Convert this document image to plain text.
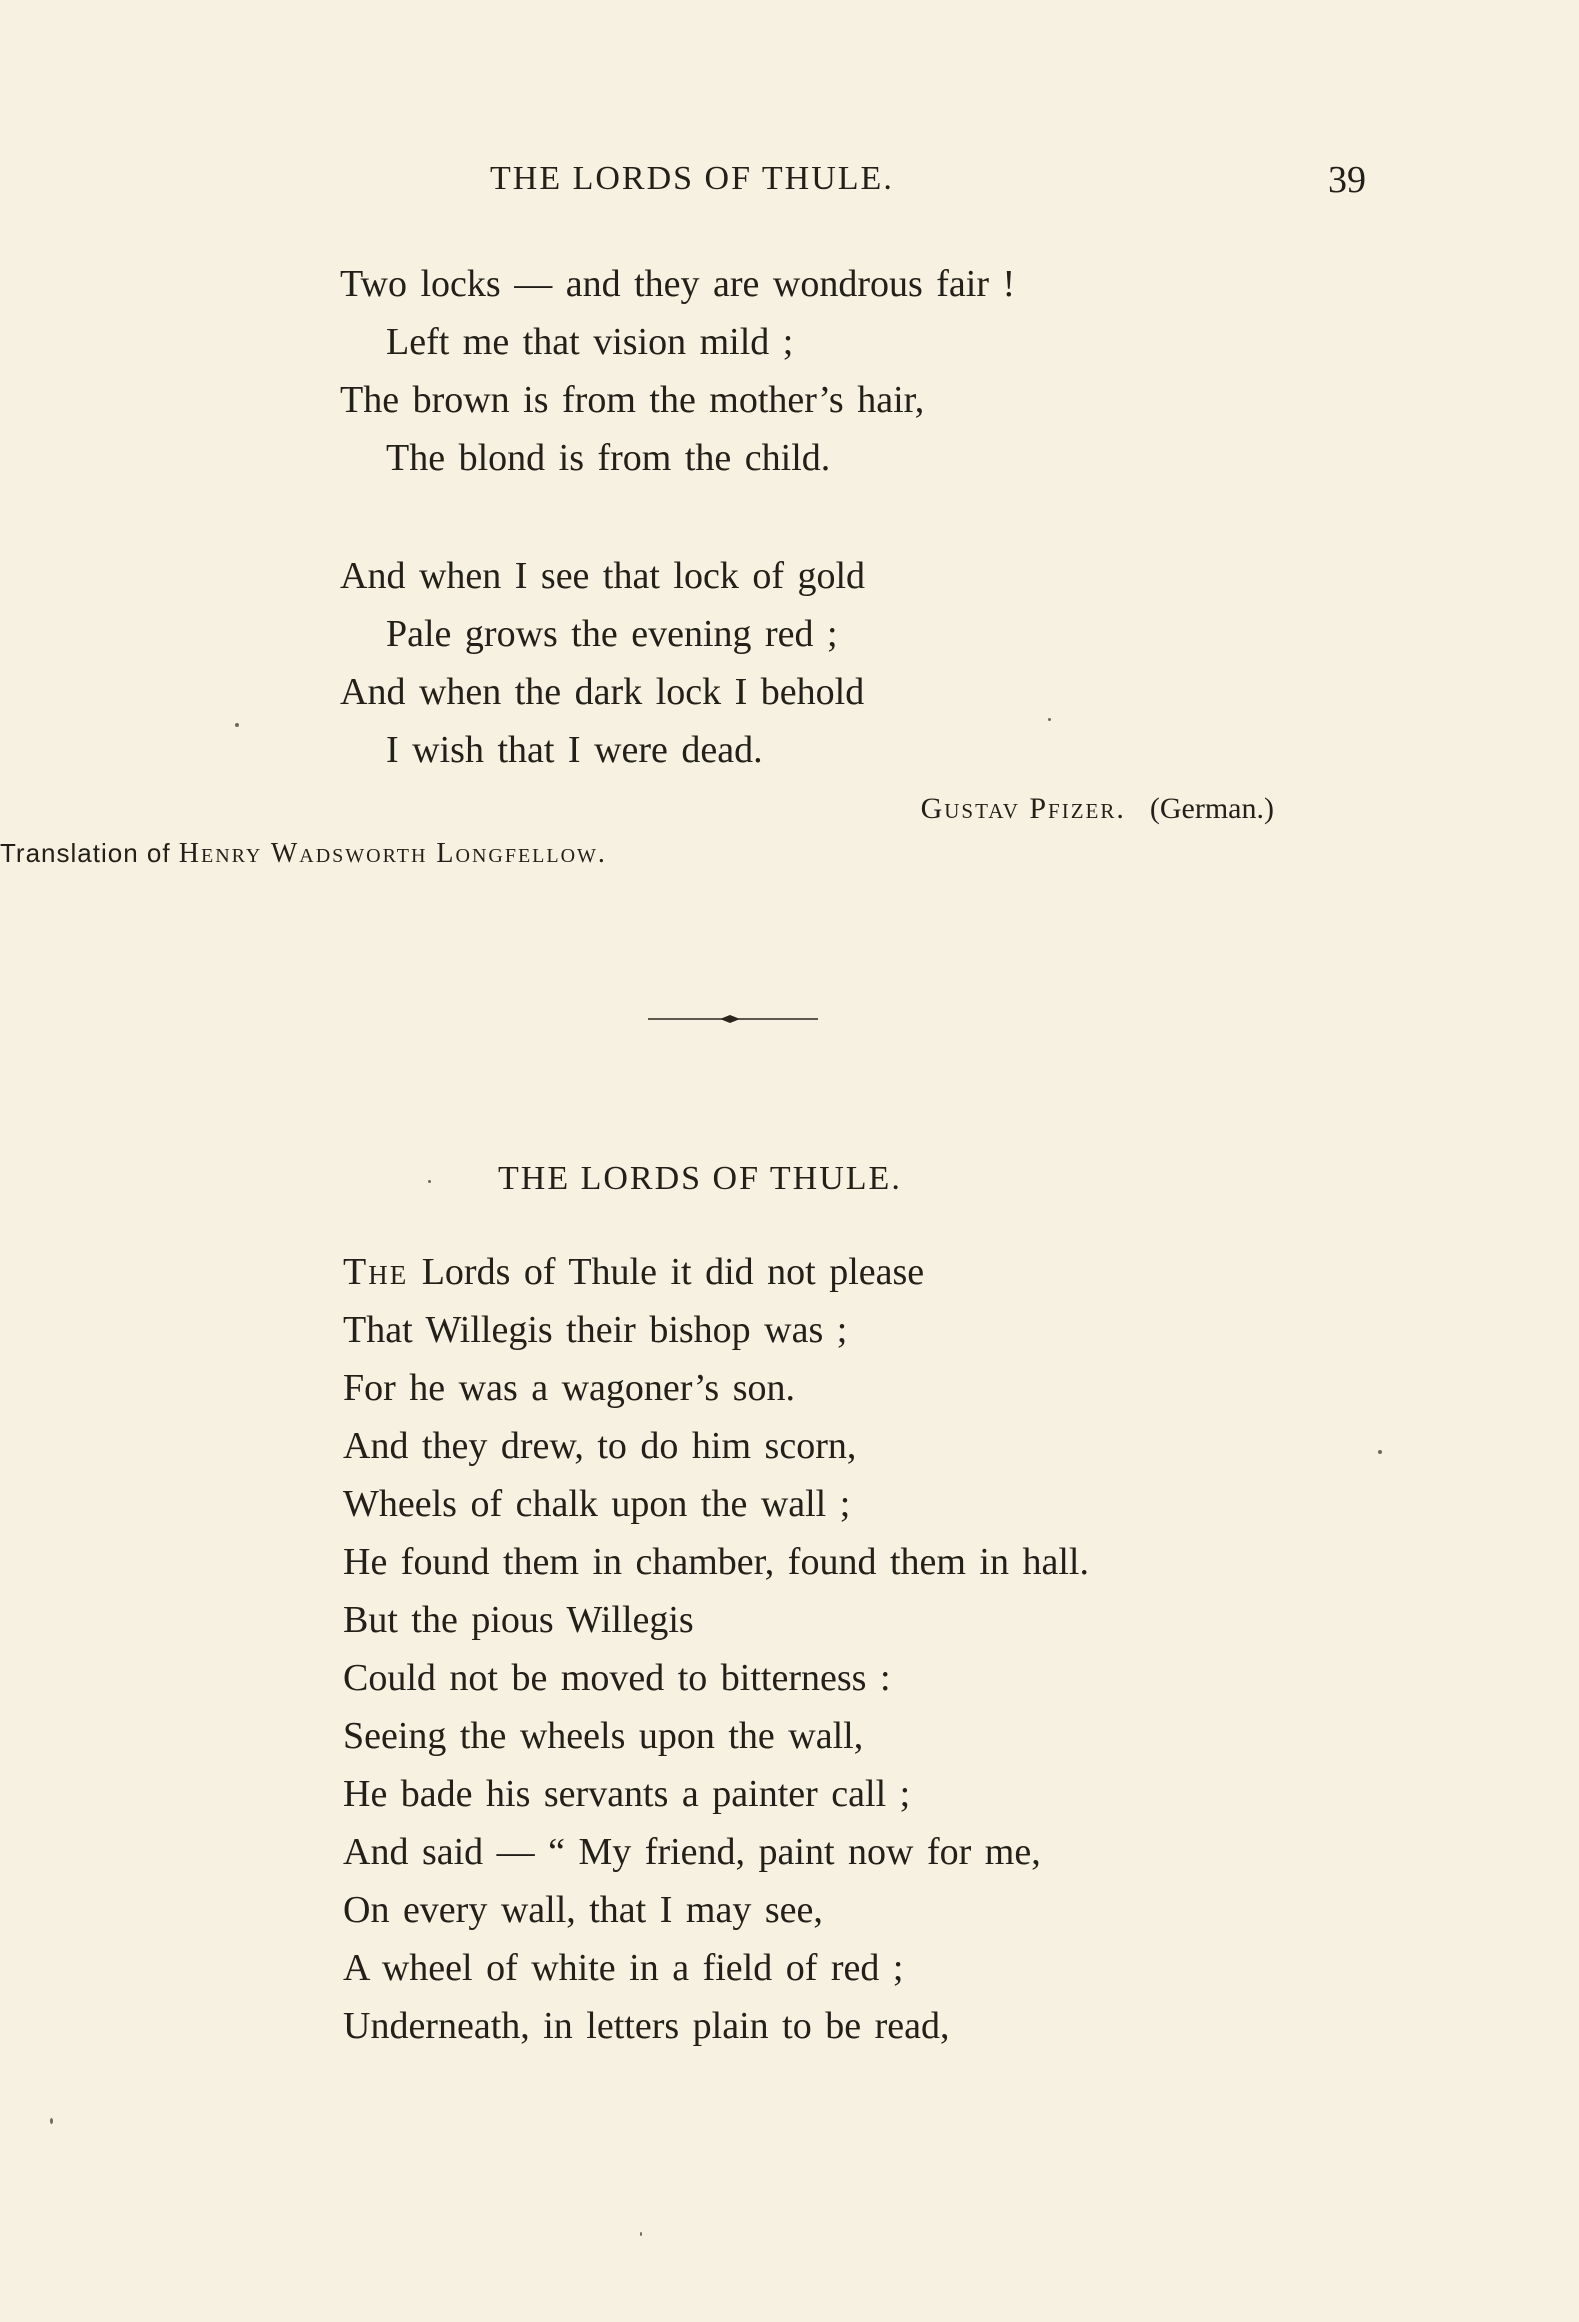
THE LORDS OF THULE.	39
Two locks — and they are wondrous fair !
Left me that vision mild ;
The brown is from the mother’s hair,
The blond is from the child.
And when I see that lock of gold
Pale grows the evening red ;
And when the dark lock I behold
I wish that I were dead.
Gustav Pfizer. (German.)
Translation of Henry Wadsworth Longfellow.
THE LORDS OF THULE.
The Lords of Thule it did not please
That Willegis their bishop was ;
For he was a wagoner’s son.
And they drew, to do him scorn,
Wheels of chalk upon the wall ;
He found them in chamber, found them in hall.
But the pious Willegis
Could not be moved to bitterness :
Seeing the wheels upon the wall,
He bade his servants a painter call ;
And said — “ My friend, paint now for me,
On every wall, that I may see,
A wheel of white in a field of red ;
Underneath, in letters plain to be read,
